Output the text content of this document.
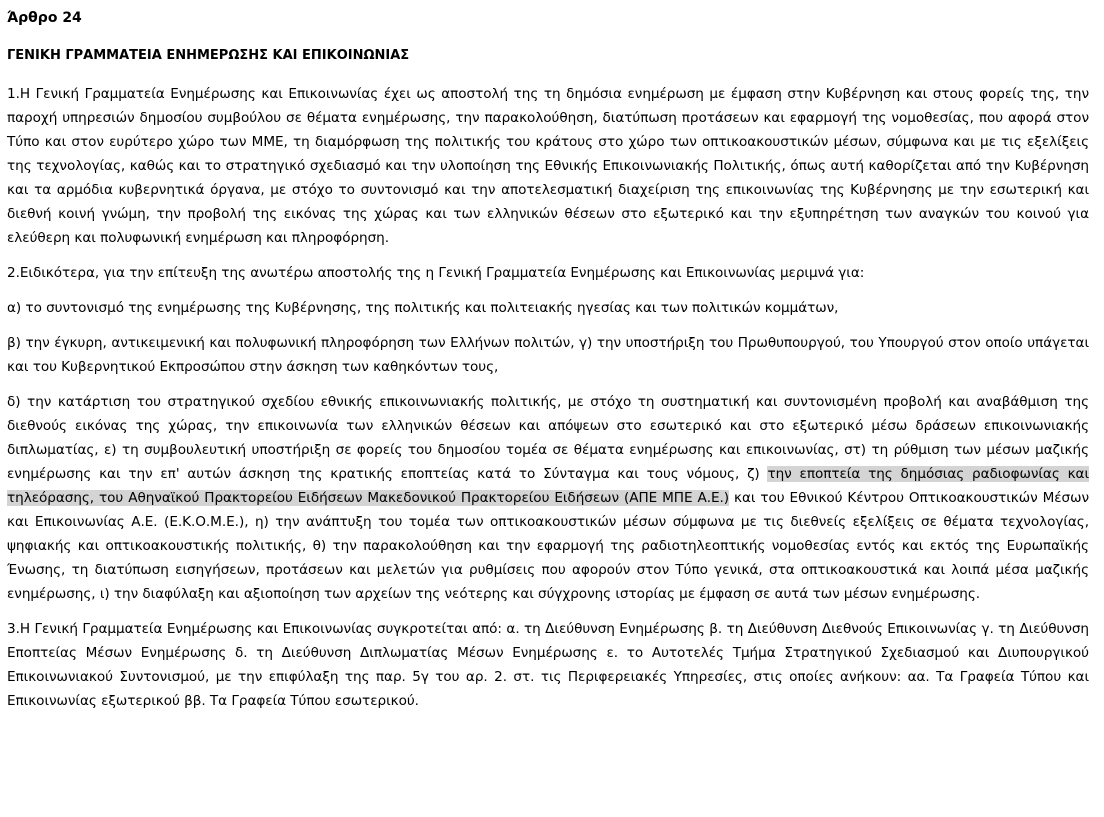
Άρθρο 24
ΓΕΝΙΚΗ ΓΡΑΜΜΑΤΕΙΑ ΕΝΗΜΕΡΩΣΗΣ ΚΑΙ ΕΠΙΚΟΙΝΩΝΙΑΣ

1.Η Γενική Γραμματεία Ενημέρωσης και Επικοινωνίας έχει ως αποστολή της τη δημόσια ενημέρωση με έμφαση στην Κυβέρνηση και στους φορείς της, την παροχή υπηρεσιών δημοσίου συμβούλου σε θέματα ενημέρωσης, την παρακολούθηση, διατύπωση προτάσεων και εφαρμογή της νομοθεσίας, που αφορά στον Τύπο και στον ευρύτερο χώρο των ΜΜΕ, τη διαμόρφωση της πολιτικής του κράτους στο χώρο των οπτικοακουστικών μέσων, σύμφωνα και με τις εξελίξεις της τεχνολογίας, καθώς και το στρατηγικό σχεδιασμό και την υλοποίηση της Εθνικής Επικοινωνιακής Πολιτικής, όπως αυτή καθορίζεται από την Κυβέρνηση και τα αρμόδια κυβερνητικά όργανα, με στόχο το συντονισμό και την αποτελεσματική διαχείριση της επικοινωνίας της Κυβέρνησης με την εσωτερική και διεθνή κοινή γνώμη, την προβολή της εικόνας της χώρας και των ελληνικών θέσεων στο εξωτερικό και την εξυπηρέτηση των αναγκών του κοινού για ελεύθερη και πολυφωνική ενημέρωση και πληροφόρηση.

2.Ειδικότερα, για την επίτευξη της ανωτέρω αποστολής της η Γενική Γραμματεία Ενημέρωσης και Επικοινωνίας μεριμνά για:

α) το συντονισμό της ενημέρωσης της Κυβέρνησης, της πολιτικής και πολιτειακής ηγεσίας και των πολιτικών κομμάτων,

β) την έγκυρη, αντικειμενική και πολυφωνική πληροφόρηση των Ελλήνων πολιτών, γ) την υποστήριξη του Πρωθυπουργού, του Υπουργού στον οποίο υπάγεται και του Κυβερνητικού Εκπροσώπου στην άσκηση των καθηκόντων τους,

δ) την κατάρτιση του στρατηγικού σχεδίου εθνικής επικοινωνιακής πολιτικής, με στόχο τη συστηματική και συντονισμένη προβολή και αναβάθμιση της διεθνούς εικόνας της χώρας, την επικοινωνία των ελληνικών θέσεων και απόψεων στο εσωτερικό και στο εξωτερικό μέσω δράσεων επικοινωνιακής διπλωματίας, ε) τη συμβουλευτική υποστήριξη σε φορείς του δημοσίου τομέα σε θέματα ενημέρωσης και επικοινωνίας, στ) τη ρύθμιση των μέσων μαζικής ενημέρωσης και την επ' αυτών άσκηση της κρατικής εποπτείας κατά το Σύνταγμα και τους νόμους, ζ) την εποπτεία της δημόσιας ραδιοφωνίας και τηλεόρασης, του Αθηναϊκού Πρακτορείου Ειδήσεων Μακεδονικού Πρακτορείου Ειδήσεων (ΑΠΕ ΜΠΕ Α.Ε.) και του Εθνικού Κέντρου Οπτικοακουστικών Μέσων και Επικοινωνίας Α.Ε. (Ε.Κ.Ο.Μ.Ε.), η) την ανάπτυξη του τομέα των οπτικοακουστικών μέσων σύμφωνα με τις διεθνείς εξελίξεις σε θέματα τεχνολογίας, ψηφιακής και οπτικοακουστικής πολιτικής, θ) την παρακολούθηση και την εφαρμογή της ραδιοτηλεοπτικής νομοθεσίας εντός και εκτός της Ευρωπαϊκής Ένωσης, τη διατύπωση εισηγήσεων, προτάσεων και μελετών για ρυθμίσεις που αφορούν στον Τύπο γενικά, στα οπτικοακουστικά και λοιπά μέσα μαζικής ενημέρωσης, ι) την διαφύλαξη και αξιοποίηση των αρχείων της νεότερης και σύγχρονης ιστορίας με έμφαση σε αυτά των μέσων ενημέρωσης.

3.Η Γενική Γραμματεία Ενημέρωσης και Επικοινωνίας συγκροτείται από: α. τη Διεύθυνση Ενημέρωσης β. τη Διεύθυνση Διεθνούς Επικοινωνίας γ. τη Διεύθυνση Εποπτείας Μέσων Ενημέρωσης δ. τη Διεύθυνση Διπλωματίας Μέσων Ενημέρωσης ε. το Αυτοτελές Τμήμα Στρατηγικού Σχεδιασμού και Διυπουργικού Επικοινωνιακού Συντονισμού, με την επιφύλαξη της παρ. 5γ του αρ. 2. στ. τις Περιφερειακές Υπηρεσίες, στις οποίες ανήκουν: αα. Τα Γραφεία Τύπου και Επικοινωνίας εξωτερικού ββ. Τα Γραφεία Τύπου εσωτερικού.
